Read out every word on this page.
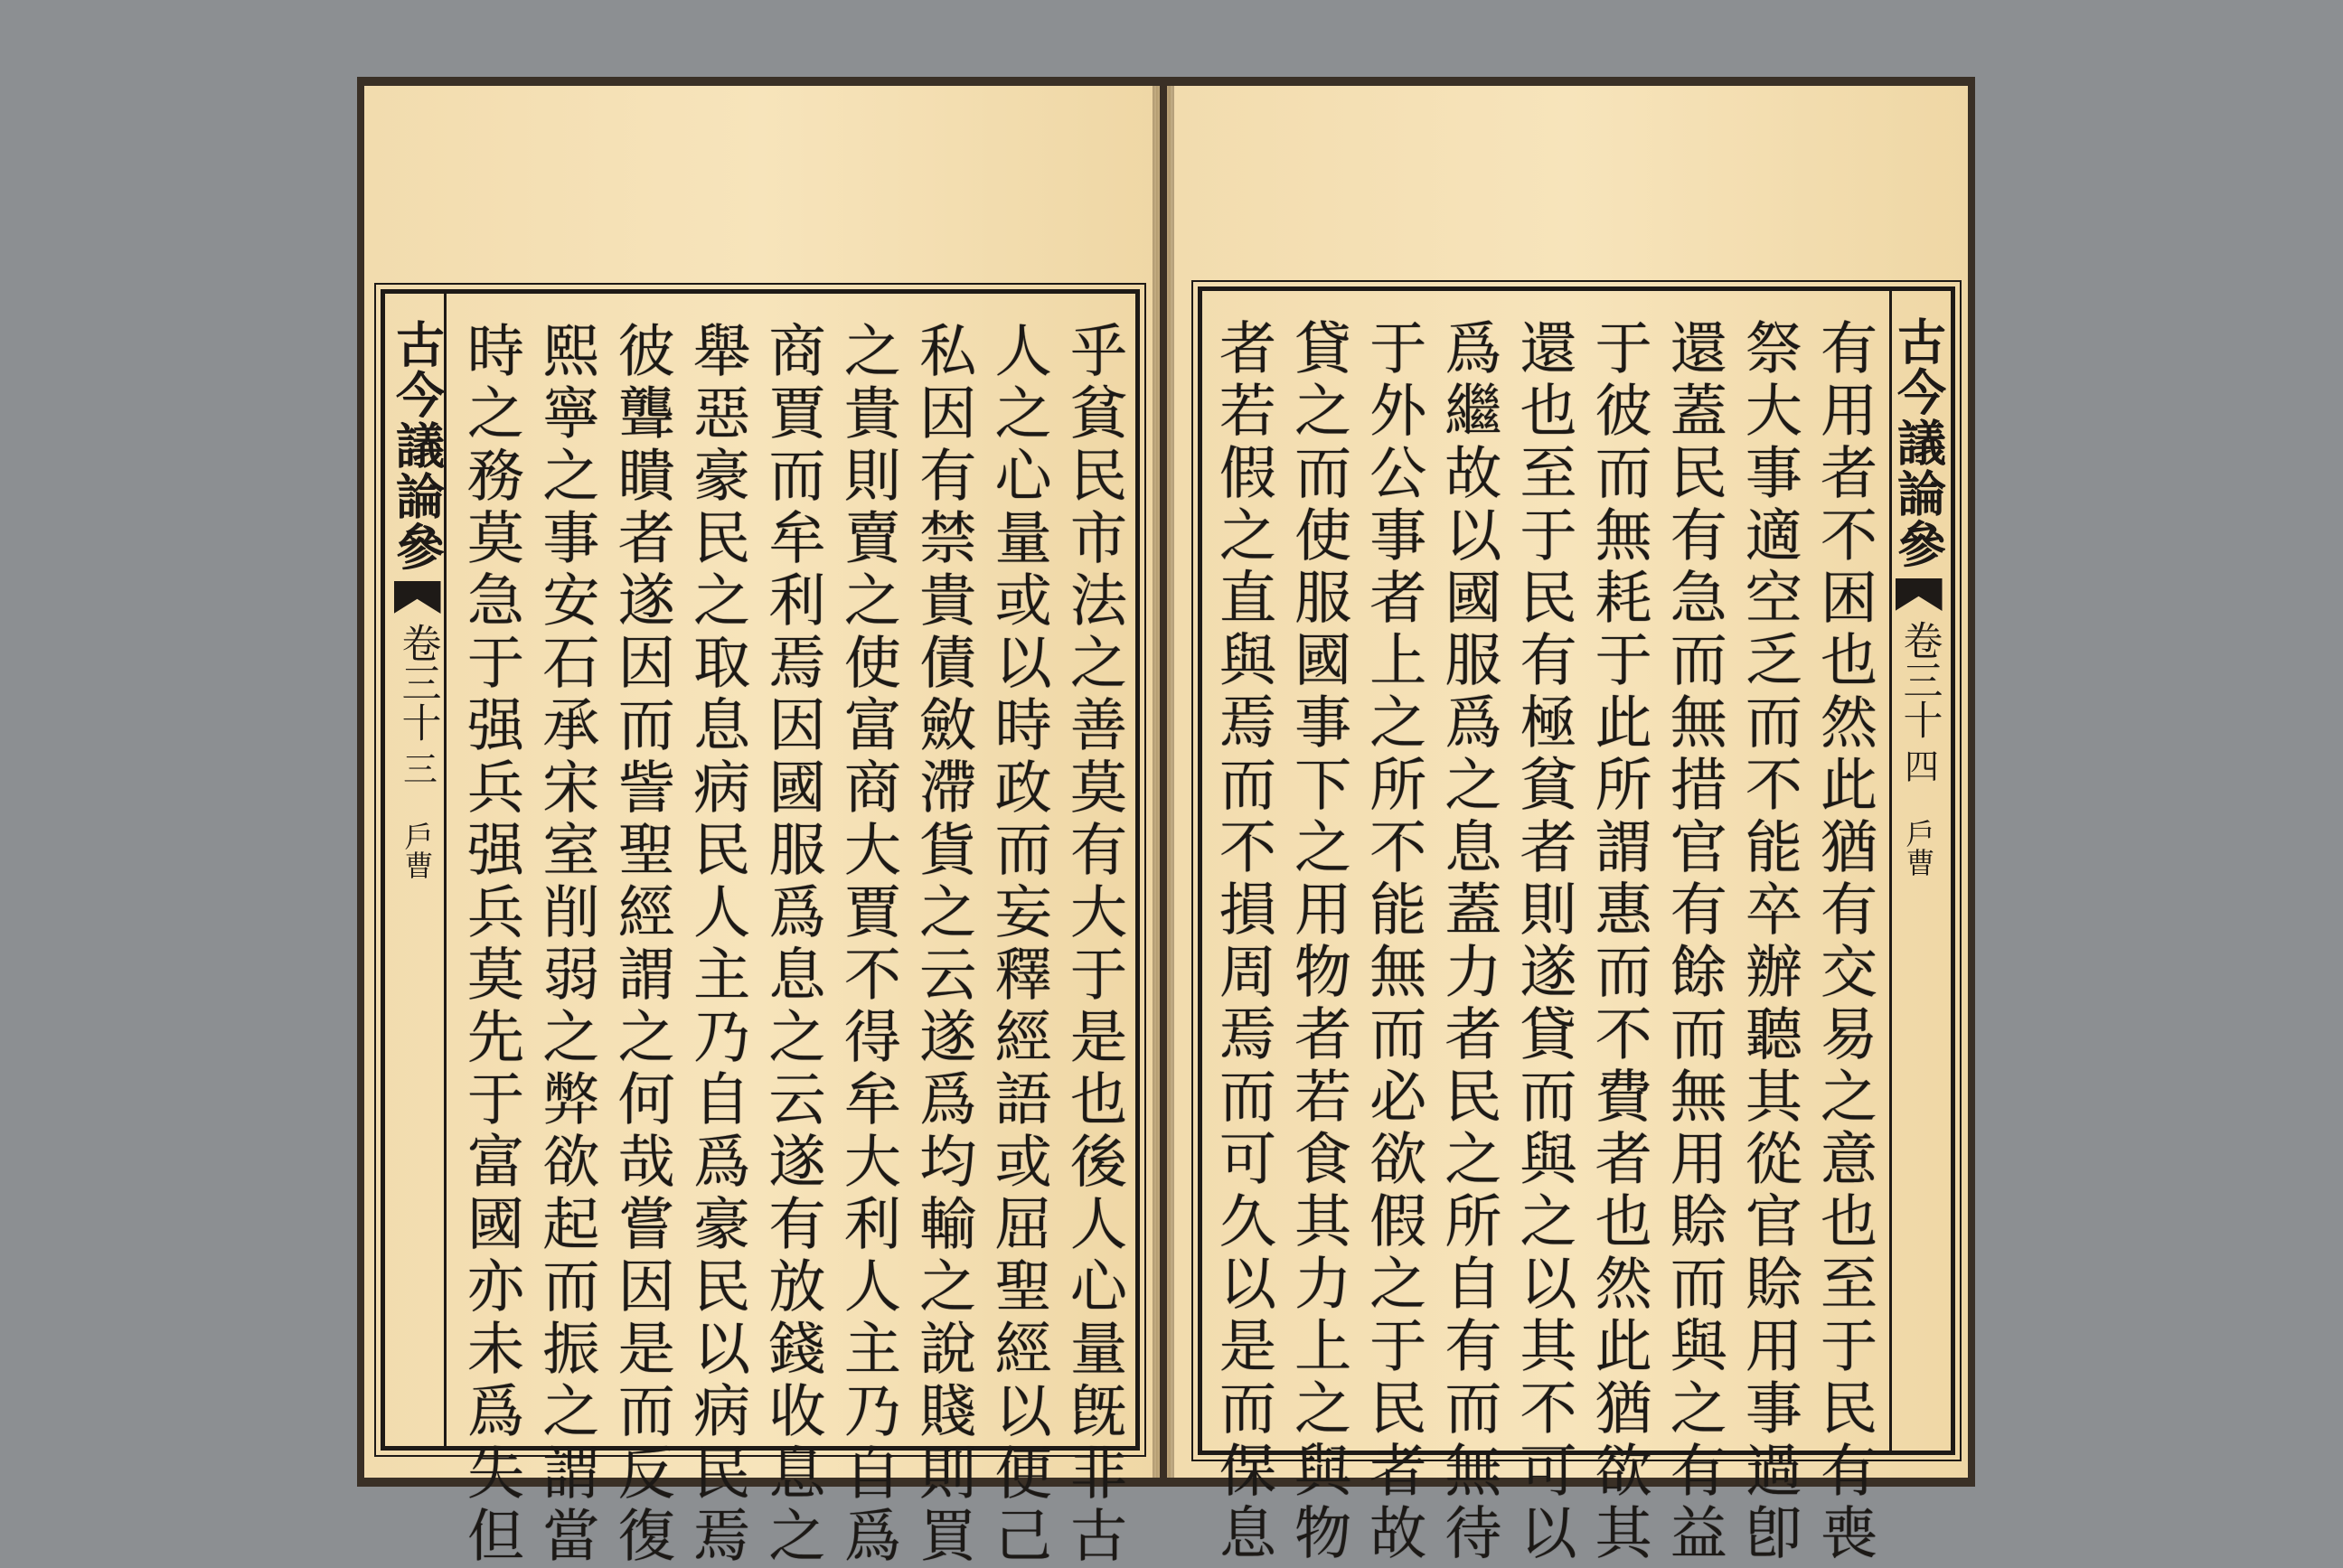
古今議論參
卷三十
三
戶曹	乎貧民市法之善莫有大于是也後人心量旣非古
人之心量或以時政而妄釋經語或屈聖經以便己
私因有禁貴債斂滯貨之云遂爲均輸之說賤則買
之貴則賣之使富商大賈不得牟大利人主乃自爲
商賈而牟利焉因國服爲息之云遂有放錢收息之
舉惡豪民之取息病民人主乃自爲豪民以病民焉
彼聾瞶者遂因而訾聖經謂之何哉嘗因是而反復
熙寧之事安石承宋室削弱之弊欲起而振之謂當
時之務莫急于强兵强兵莫先于富國亦未爲失但	古今議論參
卷三十
四
戶曹
有用者不困也然此猶有交易之意也至于民有喪
祭大事適空乏而不能卒辦聽其從官賒用事過卽
還蓋民有急而無措官有餘而無用賒而與之有益
于彼而無耗于此所謂惠而不費者也然此猶欲其
還也至于民有極貧者則遂貸而與之以其不可以
爲繼故以國服爲之息蓋力者民之所自有而無待
于外公事者上之所不能無而必欲假之于民者故
貸之而使服國事下之用物者若食其力上之與物
者若假之直與焉而不損周焉而可久以是而保息
